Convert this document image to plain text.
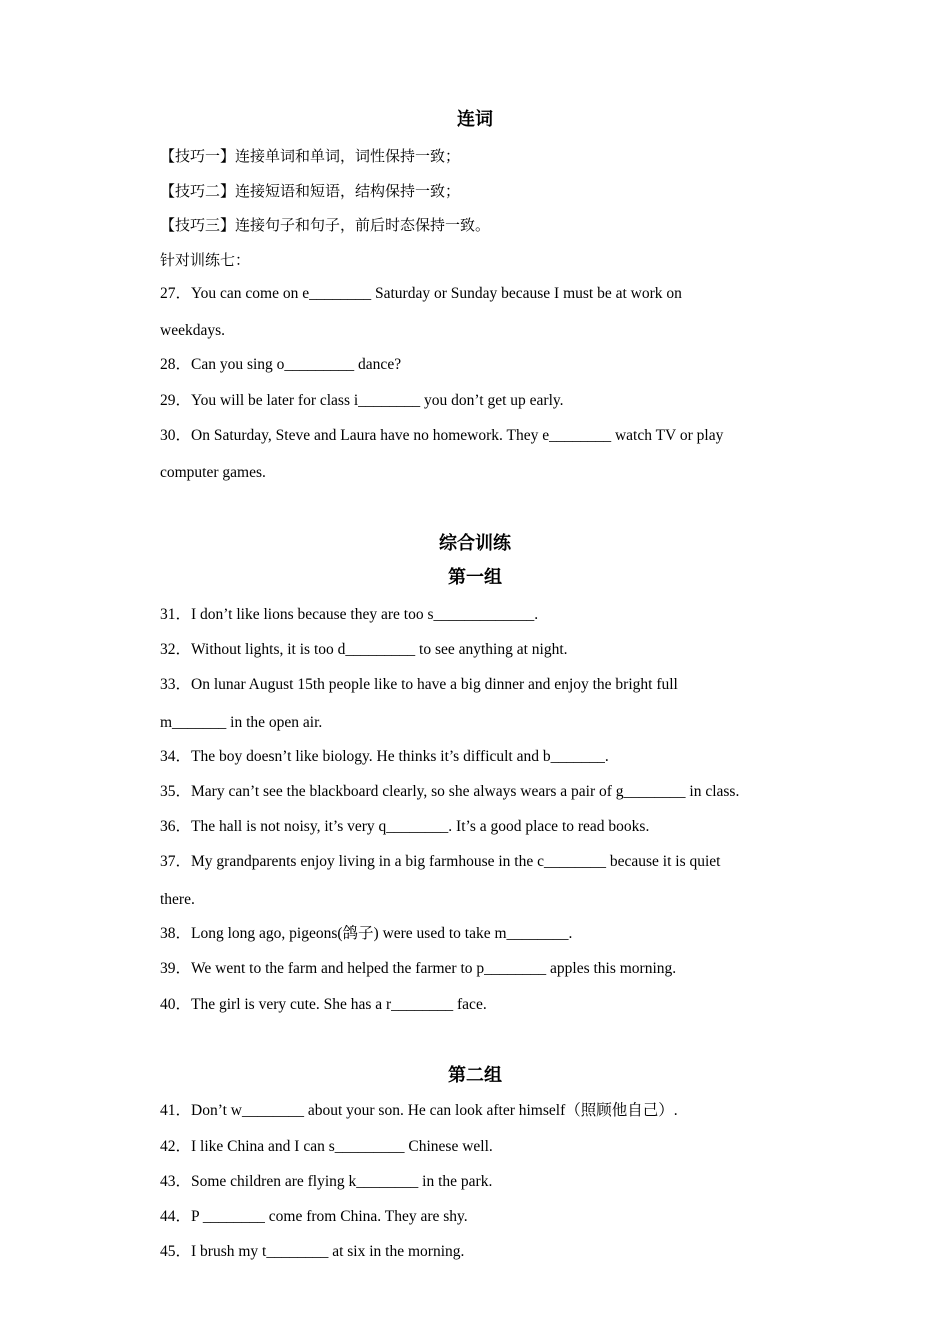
连词
【技巧一】连接单词和单词，词性保持一致；
【技巧二】连接短语和短语，结构保持一致；
【技巧三】连接句子和句子，前后时态保持一致。
针对训练七：
27．You can come on e________ Saturday or Sunday because I must be at work on
weekdays.
28．Can you sing o_________ dance?
29．You will be later for class i________ you don’t get up early.
30．On Saturday, Steve and Laura have no homework. They e________ watch TV or play
computer games.
综合训练
第一组
31．I don’t like lions because they are too s_____________.
32．Without lights, it is too d_________ to see anything at night.
33．On lunar August 15th people like to have a big dinner and enjoy the bright full
m_______ in the open air.
34．The boy doesn’t like biology. He thinks it’s difficult and b_______.
35．Mary can’t see the blackboard clearly, so she always wears a pair of g________ in class.
36．The hall is not noisy, it’s very q________. It’s a good place to read books.
37．My grandparents enjoy living in a big farmhouse in the c________ because it is quiet
there.
38．Long long ago, pigeons(鸽子) were used to take m________.
39．We went to the farm and helped the farmer to p________ apples this morning.
40．The girl is very cute. She has a r________ face.
第二组
41．Don’t w________ about your son. He can look after himself（照顾他自己）.
42．I like China and I can s_________ Chinese well.
43．Some children are flying k________ in the park.
44．P ________ come from China. They are shy.
45．I brush my t________ at six in the morning.
